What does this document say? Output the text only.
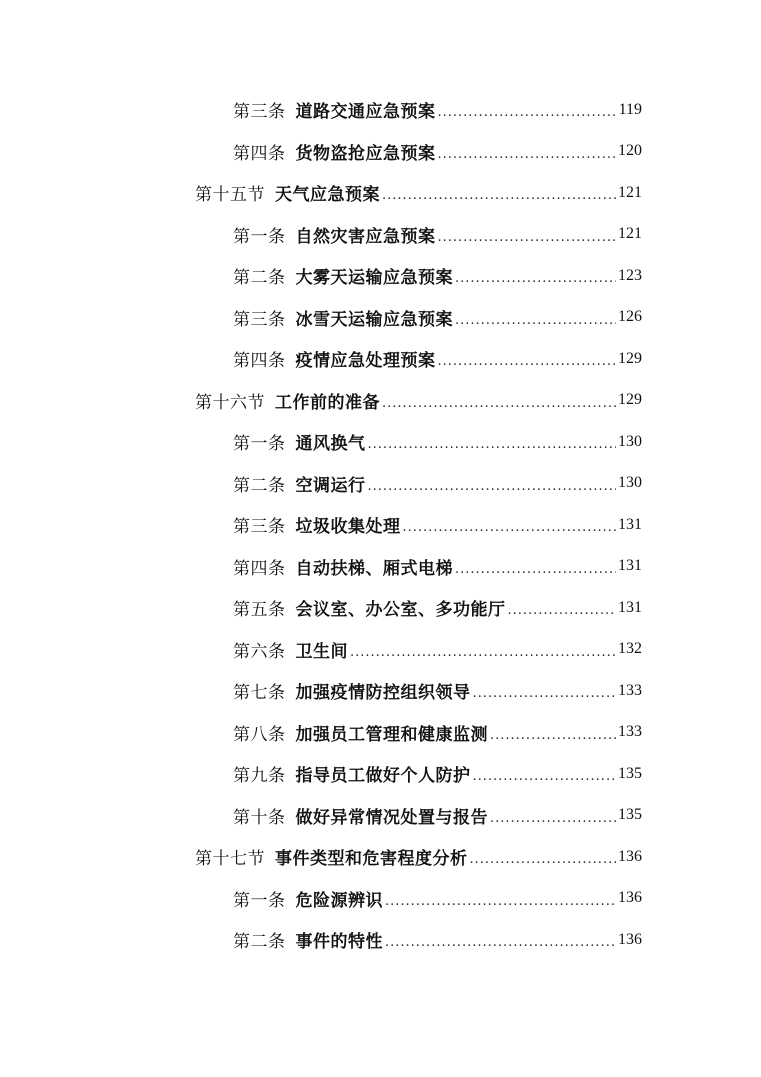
第三条 道路交通应急预案 .....	119
第四条 货物盗抢应急预案 .....	120
第十五节 天气应急预案 .....	121
第一条 自然灾害应急预案 .....	121
第二条 大雾天运输应急预案 .....	123
第三条 冰雪天运输应急预案 .....	126
第四条 疫情应急处理预案 .....	129
第十六节 工作前的准备 .....	129
第一条 通风换气 .....	130
第二条 空调运行 .....	130
第三条 垃圾收集处理 .....	131
第四条 自动扶梯、厢式电梯 .....	131
第五条 会议室、办公室、多功能厅 .....	131
第六条 卫生间 .....	132
第七条 加强疫情防控组织领导 .....	133
第八条 加强员工管理和健康监测 .....	133
第九条 指导员工做好个人防护 .....	135
第十条 做好异常情况处置与报告 .....	135
第十七节 事件类型和危害程度分析 .....	136
第一条 危险源辨识 .....	136
第二条 事件的特性 .....	136
